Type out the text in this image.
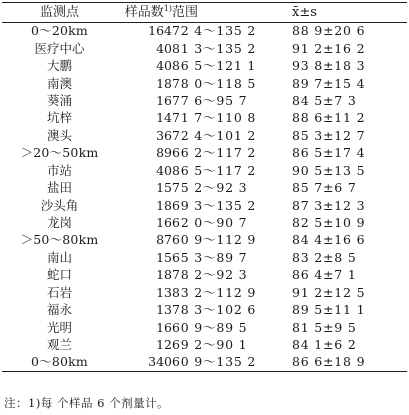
监测点	样品数$^{1)}$	范围	x̄±s
0～20km	164	72 4～135 2	88 9±20 6
医疗中心	40	81 3～135 2	91 2±16 2
大鹏	40	86 5～121 1	93 8±18 3
南澳	18	78 0～118 5	89 7±15 4
葵涌	16	77 6～95 7	84 5±7 3
坑梓	14	71 7～110 8	88 6±11 2
澳头	36	72 4～101 2	85 3±12 7
＞20～50km	89	66 2～117 2	86 5±17 4
市站	40	86 5～117 2	90 5±13 5
盐田	15	75 2～92 3	85 7±6 7
沙头角	18	69 3～135 2	87 3±12 3
龙岗	16	62 0～90 7	82 5±10 9
＞50～80km	87	60 9～112 9	84 4±16 6
南山	15	65 3～89 7	83 2±8 5
蛇口	18	78 2～92 3	86 4±7 1
石岩	13	83 2～112 9	91 2±12 5
福永	13	78 3～102 6	89 5±11 1
光明	16	60 9～89 5	81 5±9 5
观兰	12	69 2～90 1	84 1±6 2
0～80km	340	60 9～135 2	86 6±18 9
注：1)每 个样品 6 个剂量计。
